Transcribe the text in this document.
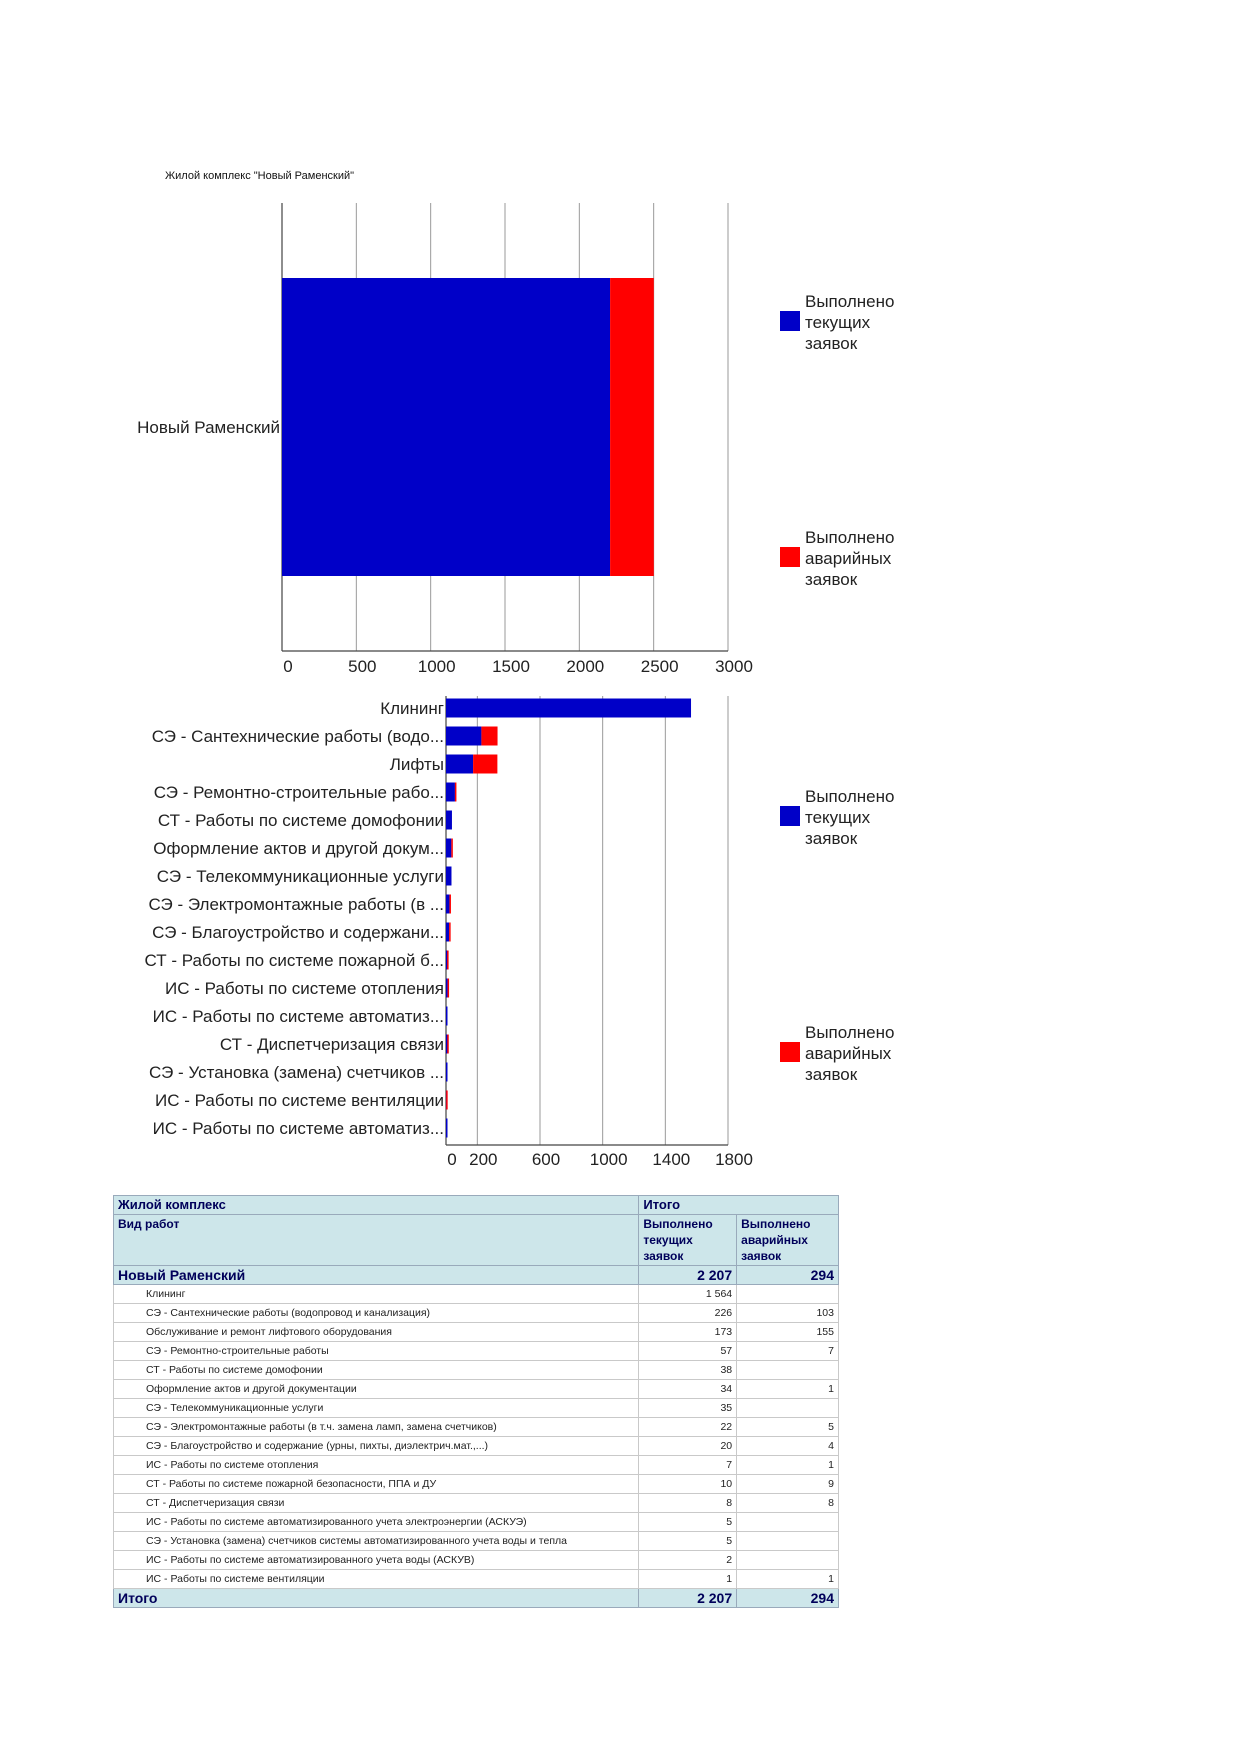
Жилой комплекс "Новый Раменский"
0	500 1000 1500 2000 2500 3000
Новый Раменский
Выполнено
текущих
заявок
Выполнено
аварийных
заявок
0 200 600 1000 1400 1800
Клининг
СЭ - Сантехнические работы (водо...
Лифты
СЭ - Ремонтно-строительные рабо...
СТ - Работы по системе домофонии
Оформление актов и другой докум...
СЭ - Телекоммуникационные услуги
СЭ - Электромонтажные работы (в ...
СЭ - Благоустройство и содержани...
СТ - Работы по системе пожарной б...
ИС - Работы по системе отопления
ИС - Работы по системе автоматиз...
СТ - Диспетчеризация связи
СЭ - Установка (замена) счетчиков ...
ИС - Работы по системе вентиляции
ИС - Работы по системе автоматиз...
Выполнено
текущих
заявок
Выполнено
аварийных
заявок
Жилой комплекс	Итого	
Вид работ	Выполнено текущих заявок	Выполнено аварийных заявок
Новый Раменский	2 207	294
Клининг	1 564	
СЭ - Сантехнические работы (водопровод и канализация)	226	103
Обслуживание и ремонт лифтового оборудования	173	155
СЭ - Ремонтно-строительные работы	57	7
СТ - Работы по системе домофонии	38	
Оформление актов и другой документации	34	1
СЭ - Телекоммуникационные услуги	35	
СЭ - Электромонтажные работы (в т.ч. замена ламп, замена счетчиков)	22	5
СЭ - Благоустройство и содержание (урны, пихты, диэлектрич.мат.,...)	20	4
ИС - Работы по системе отопления	7	1
СТ - Работы по системе пожарной безопасности, ППА и ДУ	10	9
СТ - Диспетчеризация связи	8	8
ИС - Работы по системе автоматизированного учета электроэнергии (АСКУЭ)	5	
СЭ - Установка (замена) счетчиков системы автоматизированного учета воды и тепла	5	
ИС - Работы по системе автоматизированного учета воды (АСКУВ)	2	
ИС - Работы по системе вентиляции	1	1
Итого	2 207	294
